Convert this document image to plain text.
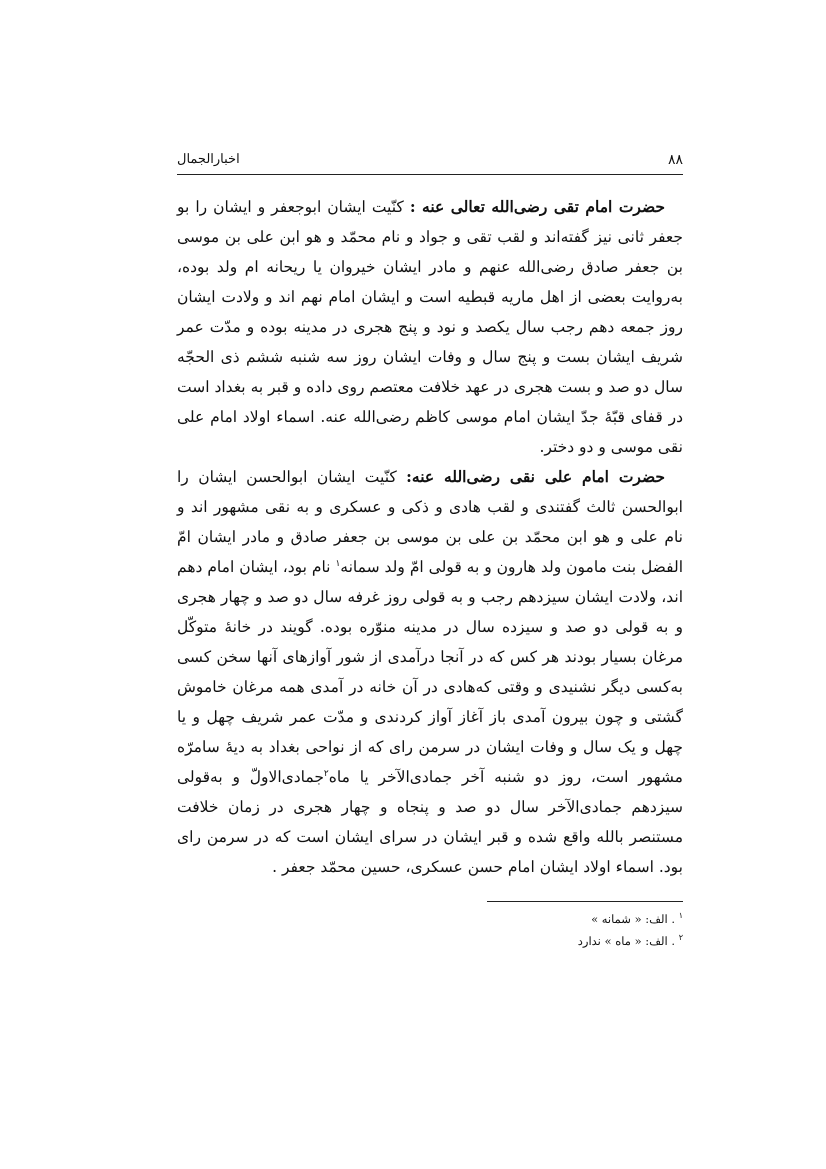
۸۸
اخبارالجمال

حضرت امام تقی رضی‌الله تعالی عنه : کنّیت ایشان ابوجعفر و ایشان را بو جعفر ثانی نیز گفته‌اند و لقب تقی و جواد و نام محمّد و هو ابن علی بن موسی بن جعفر صادق رضی‌الله عنهم و مادر ایشان خیروان یا ریحانه ام ولد بوده، به‌روایت بعضی از اهل ماریه قبطیه است و ایشان امام نهم اند و ولادت ایشان روز جمعه دهم رجب سال یکصد و نود و پنج هجری در مدینه بوده و مدّت عمر شریف ایشان بست و پنج سال و وفات ایشان روز سه شنبه ششم ذی الحجّه سال دو صد و بست هجری در عهد خلافت معتصم روی داده و قبر به بغداد است در قفای قبّهٔ جدّ ایشان امام موسی کاظم رضی‌الله عنه. اسماء اولاد امام علی نقی موسی و دو دختر.

حضرت امام علی نقی رضی‌الله عنه: کنّیت ایشان ابوالحسن ایشان را ابوالحسن ثالث گفتندی و لقب هادی و ذکی و عسکری و به نقی مشهور اند و نام علی و هو ابن محمّد بن علی بن موسی بن جعفر صادق و مادر ایشان امّ الفضل بنت مامون ولد هارون و به قولی امّ ولد سمانه$^۱$ نام بود، ایشان امام دهم اند، ولادت ایشان سیزدهم رجب و به قولی روز غرفه سال دو صد و چهار هجری و به قولی دو صد و سیزده سال در مدینه منوّره بوده. گویند در خانهٔ متوکّل مرغان بسیار بودند هر کس که در آنجا درآمدی از شور آوازهای آنها سخن کسی به‌کسی دیگر نشنیدی و وقتی که‌هادی در آن خانه در آمدی همه مرغان خاموش گشتی و چون بیرون آمدی باز آغاز آواز کردندی و مدّت عمر شریف چهل و یا چهل و یک سال و وفات ایشان در سرمن رای که از نواحی بغداد به دیهٔ سامرّه مشهور است، روز دو شنبه آخر جمادی‌الآخر یا ماه$^۲$جمادی‌الاولّ و به‌قولی سیزدهم جمادی‌الآخر سال دو صد و پنجاه و چهار هجری در زمان خلافت مستنصر بالله واقع شده و قبر ایشان در سرای ایشان است که در سرمن رای بود. اسماء اولاد ایشان امام حسن عسکری، حسین محمّد جعفر .

$^۱$ . الف: « شمانه »

$^۲$ . الف: « ماه » ندارد
